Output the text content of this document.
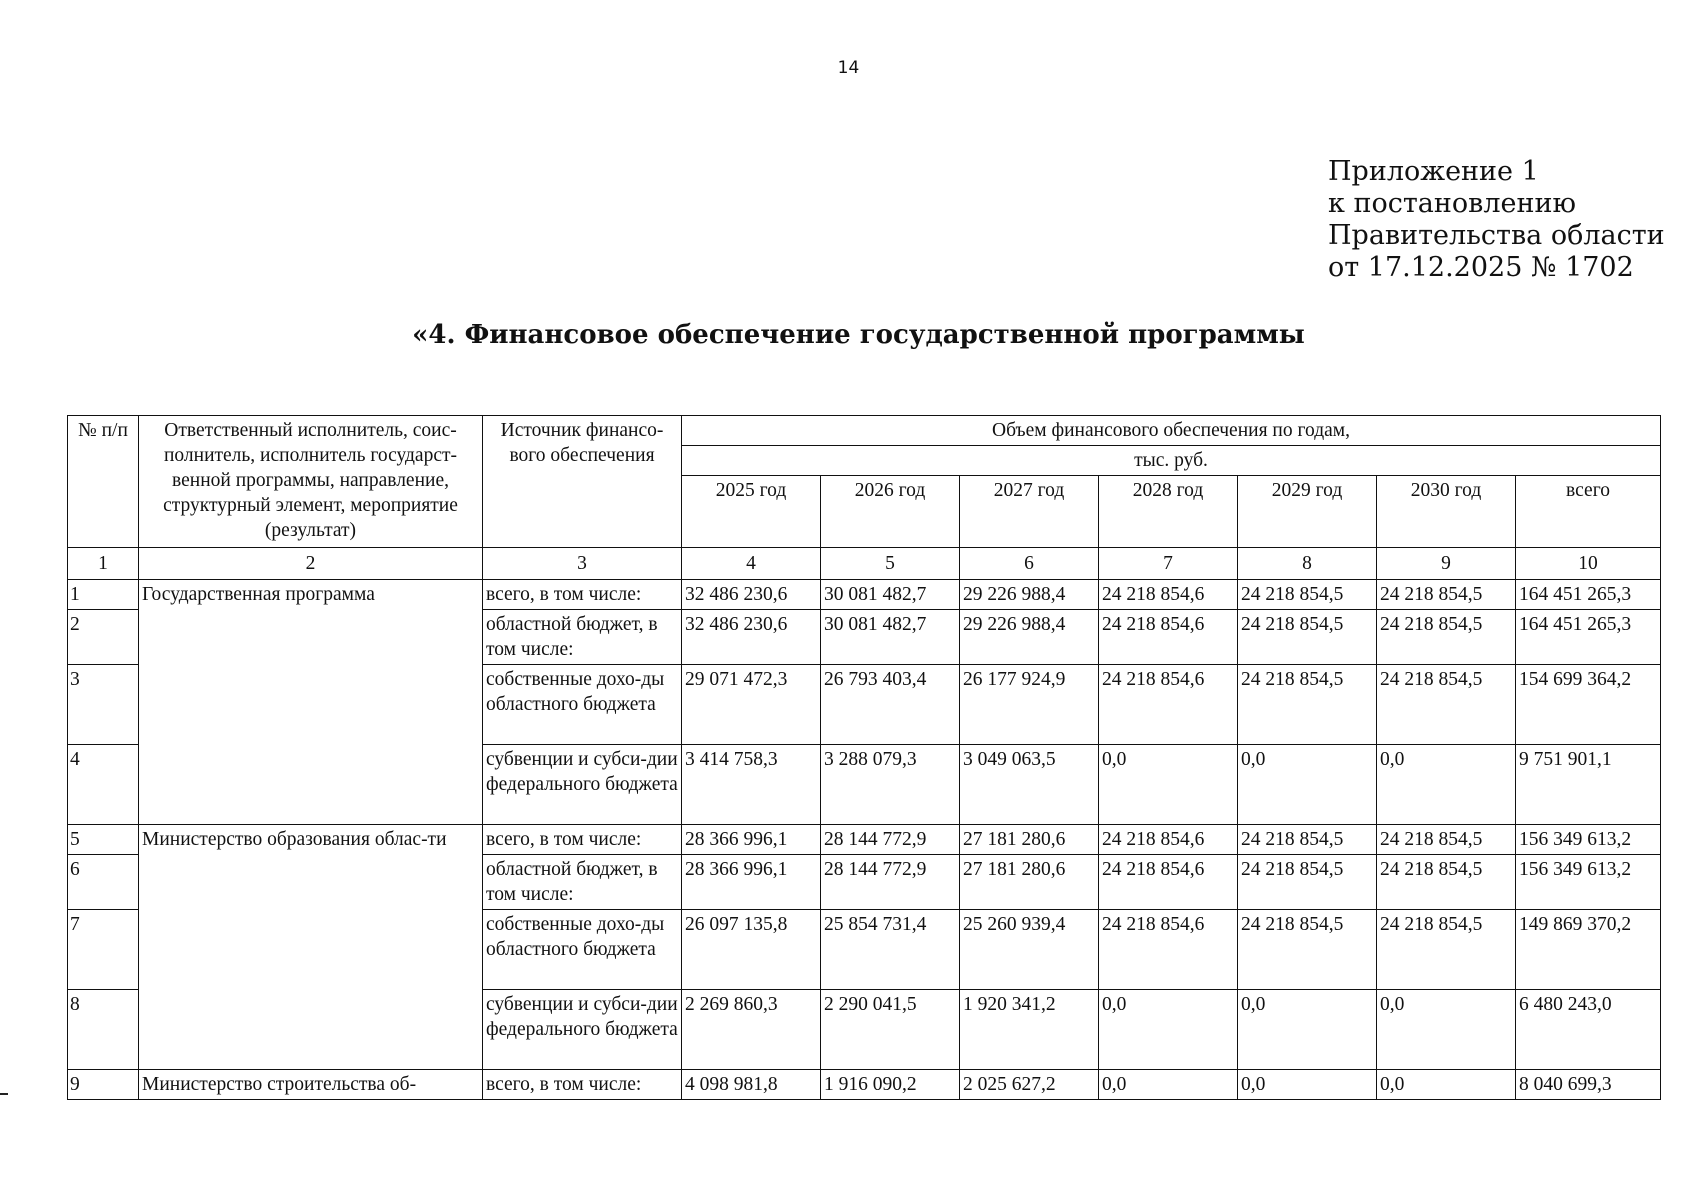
14
Приложение 1
к постановлению
Правительства области
от 17.12.2025 № 1702
«4. Финансовое обеспечение государственной программы
№ п/п	Ответственный исполнитель, соис-полнитель, исполнитель государст-венной программы, направление, структурный элемент, мероприятие (результат)	Источник финансо-вого обеспечения	Объем финансового обеспечения по годам,						
			тыс. руб.						
			2025 год	2026 год	2027 год	2028 год	2029 год	2030 год	всего
1	2	3	4	5	6	7	8	9	10
1	Государственная программа	всего, в том числе:	32 486 230,6	30 081 482,7	29 226 988,4	24 218 854,6	24 218 854,5	24 218 854,5	164 451 265,3
2		областной бюджет, в том числе:	32 486 230,6	30 081 482,7	29 226 988,4	24 218 854,6	24 218 854,5	24 218 854,5	164 451 265,3
3		собственные дохо-ды областного бюджета	29 071 472,3	26 793 403,4	26 177 924,9	24 218 854,6	24 218 854,5	24 218 854,5	154 699 364,2
4		субвенции и субси-дии федерального бюджета	3 414 758,3	3 288 079,3	3 049 063,5	0,0	0,0	0,0	9 751 901,1
5	Министерство образования облас-ти	всего, в том числе:	28 366 996,1	28 144 772,9	27 181 280,6	24 218 854,6	24 218 854,5	24 218 854,5	156 349 613,2
6		областной бюджет, в том числе:	28 366 996,1	28 144 772,9	27 181 280,6	24 218 854,6	24 218 854,5	24 218 854,5	156 349 613,2
7		собственные дохо-ды областного бюджета	26 097 135,8	25 854 731,4	25 260 939,4	24 218 854,6	24 218 854,5	24 218 854,5	149 869 370,2
8		субвенции и субси-дии федерального бюджета	2 269 860,3	2 290 041,5	1 920 341,2	0,0	0,0	0,0	6 480 243,0
9	Министерство строительства об-	всего, в том числе:	4 098 981,8	1 916 090,2	2 025 627,2	0,0	0,0	0,0	8 040 699,3
